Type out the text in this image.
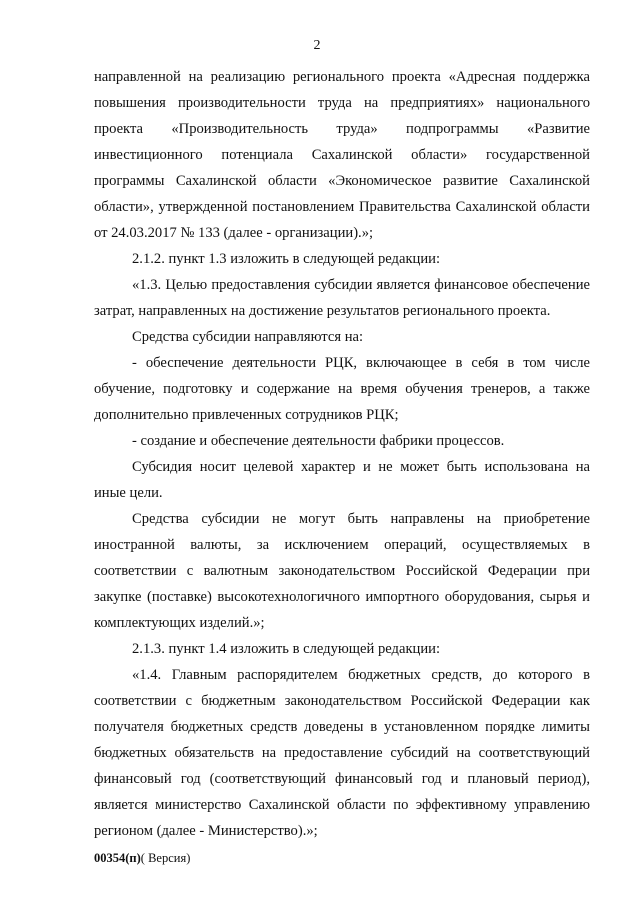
2

направленной на реализацию регионального проекта «Адресная поддержка повышения производительности труда на предприятиях» национального проекта «Производительность труда» подпрограммы «Развитие инвестиционного потенциала Сахалинской области» государственной программы Сахалинской области «Экономическое развитие Сахалинской области», утвержденной постановлением Правительства Сахалинской области от 24.03.2017 № 133 (далее - организации).»;

2.1.2. пункт 1.3 изложить в следующей редакции:

«1.3. Целью предоставления субсидии является финансовое обеспечение затрат, направленных на достижение результатов регионального проекта.

Средства субсидии направляются на:

- обеспечение деятельности РЦК, включающее в себя в том числе обучение, подготовку и содержание на время обучения тренеров, а также дополнительно привлеченных сотрудников РЦК;

- создание и обеспечение деятельности фабрики процессов.

Субсидия носит целевой характер и не может быть использована на иные цели.

Средства субсидии не могут быть направлены на приобретение иностранной валюты, за исключением операций, осуществляемых в соответствии с валютным законодательством Российской Федерации при закупке (поставке) высокотехнологичного импортного оборудования, сырья и комплектующих изделий.»;

2.1.3. пункт 1.4 изложить в следующей редакции:

«1.4. Главным распорядителем бюджетных средств, до которого в соответствии с бюджетным законодательством Российской Федерации как получателя бюджетных средств доведены в установленном порядке лимиты бюджетных обязательств на предоставление субсидий на соответствующий финансовый год (соответствующий финансовый год и плановый период), является министерство Сахалинской области по эффективному управлению регионом (далее - Министерство).»;

00354(п)( Версия)
